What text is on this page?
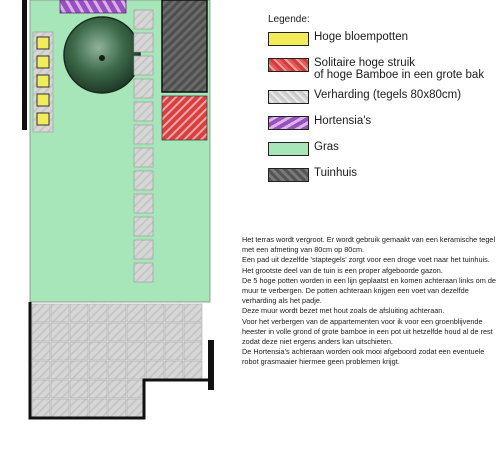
Legende:
Hoge bloempotten
Solitaire hoge struik
of hoge Bamboe in een grote bak
Verharding (tegels 80x80cm)
Hortensia's
Gras
Tuinhuis

Het terras wordt vergroot. Er wordt gebruik gemaakt van een keramische tegel met een afmeting van 80cm op 80cm.

Een pad uit dezelfde 'staptegels' zorgt voor een droge voet naar het tuinhuis.

Het grootste deel van de tuin is een proper afgeboorde gazon.

De 5 hoge potten worden in een lijn geplaatst en komen achteraan links om de muur te verbergen. De potten achteraan krijgen een voet van dezelfde verharding als het padje.

Deze muur wordt bezet met hout zoals de afsluiting achteraan.

Voor het verbergen van de appartementen voor ik voor een groenblijvende heester in volle grond of grote bamboe in een pot uit hetzelfde houd al de rest zodat deze niet ergens anders kan uitschieten.

De Hortensia's achteraan worden ook mooi afgeboord zodat een eventuele robot grasmaaier hiermee geen problemen krijgt.
